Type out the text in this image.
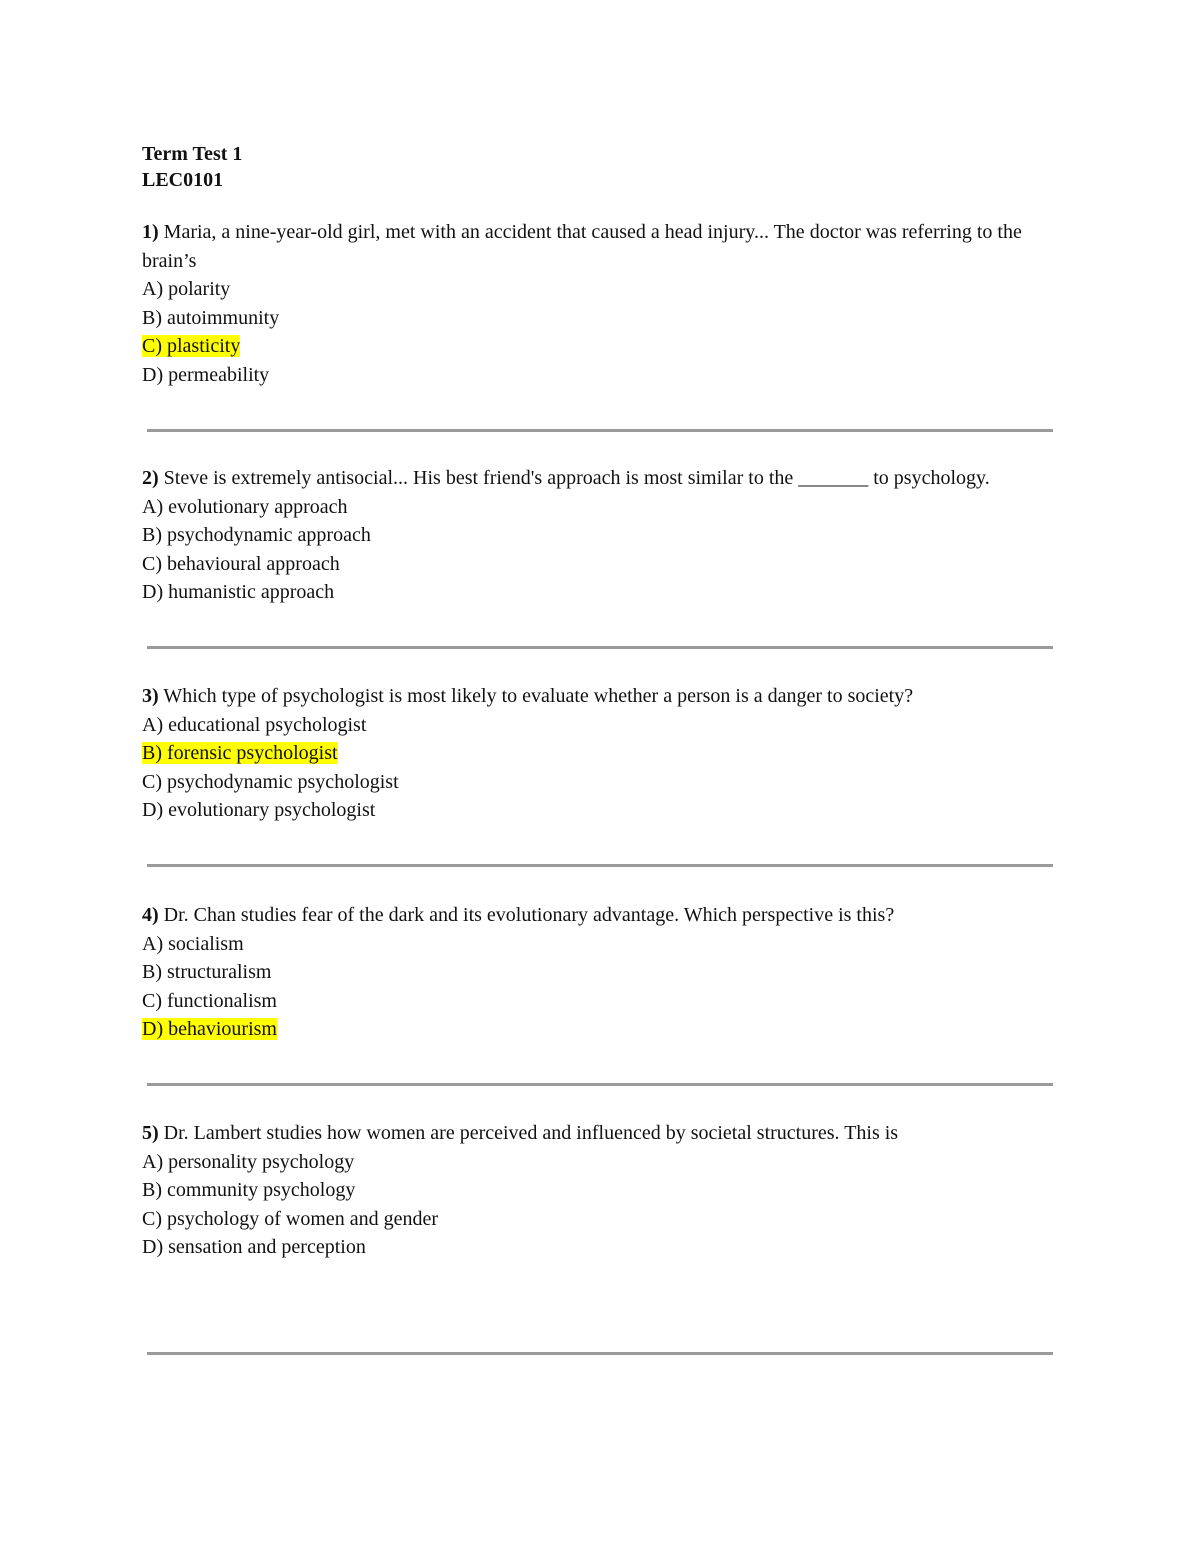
Term Test 1
LEC0101

1) Maria, a nine-year-old girl, met with an accident that caused a head injury... The doctor was referring to the brain’s

A) polarity
B) autoimmunity
C) plasticity
D) permeability

2) Steve is extremely antisocial... His best friend's approach is most similar to the _______ to psychology.

A) evolutionary approach
B) psychodynamic approach
C) behavioural approach
D) humanistic approach

3) Which type of psychologist is most likely to evaluate whether a person is a danger to society?

A) educational psychologist
B) forensic psychologist
C) psychodynamic psychologist
D) evolutionary psychologist

4) Dr. Chan studies fear of the dark and its evolutionary advantage. Which perspective is this?

A) socialism
B) structuralism
C) functionalism
D) behaviourism

5) Dr. Lambert studies how women are perceived and influenced by societal structures. This is

A) personality psychology
B) community psychology
C) psychology of women and gender
D) sensation and perception
